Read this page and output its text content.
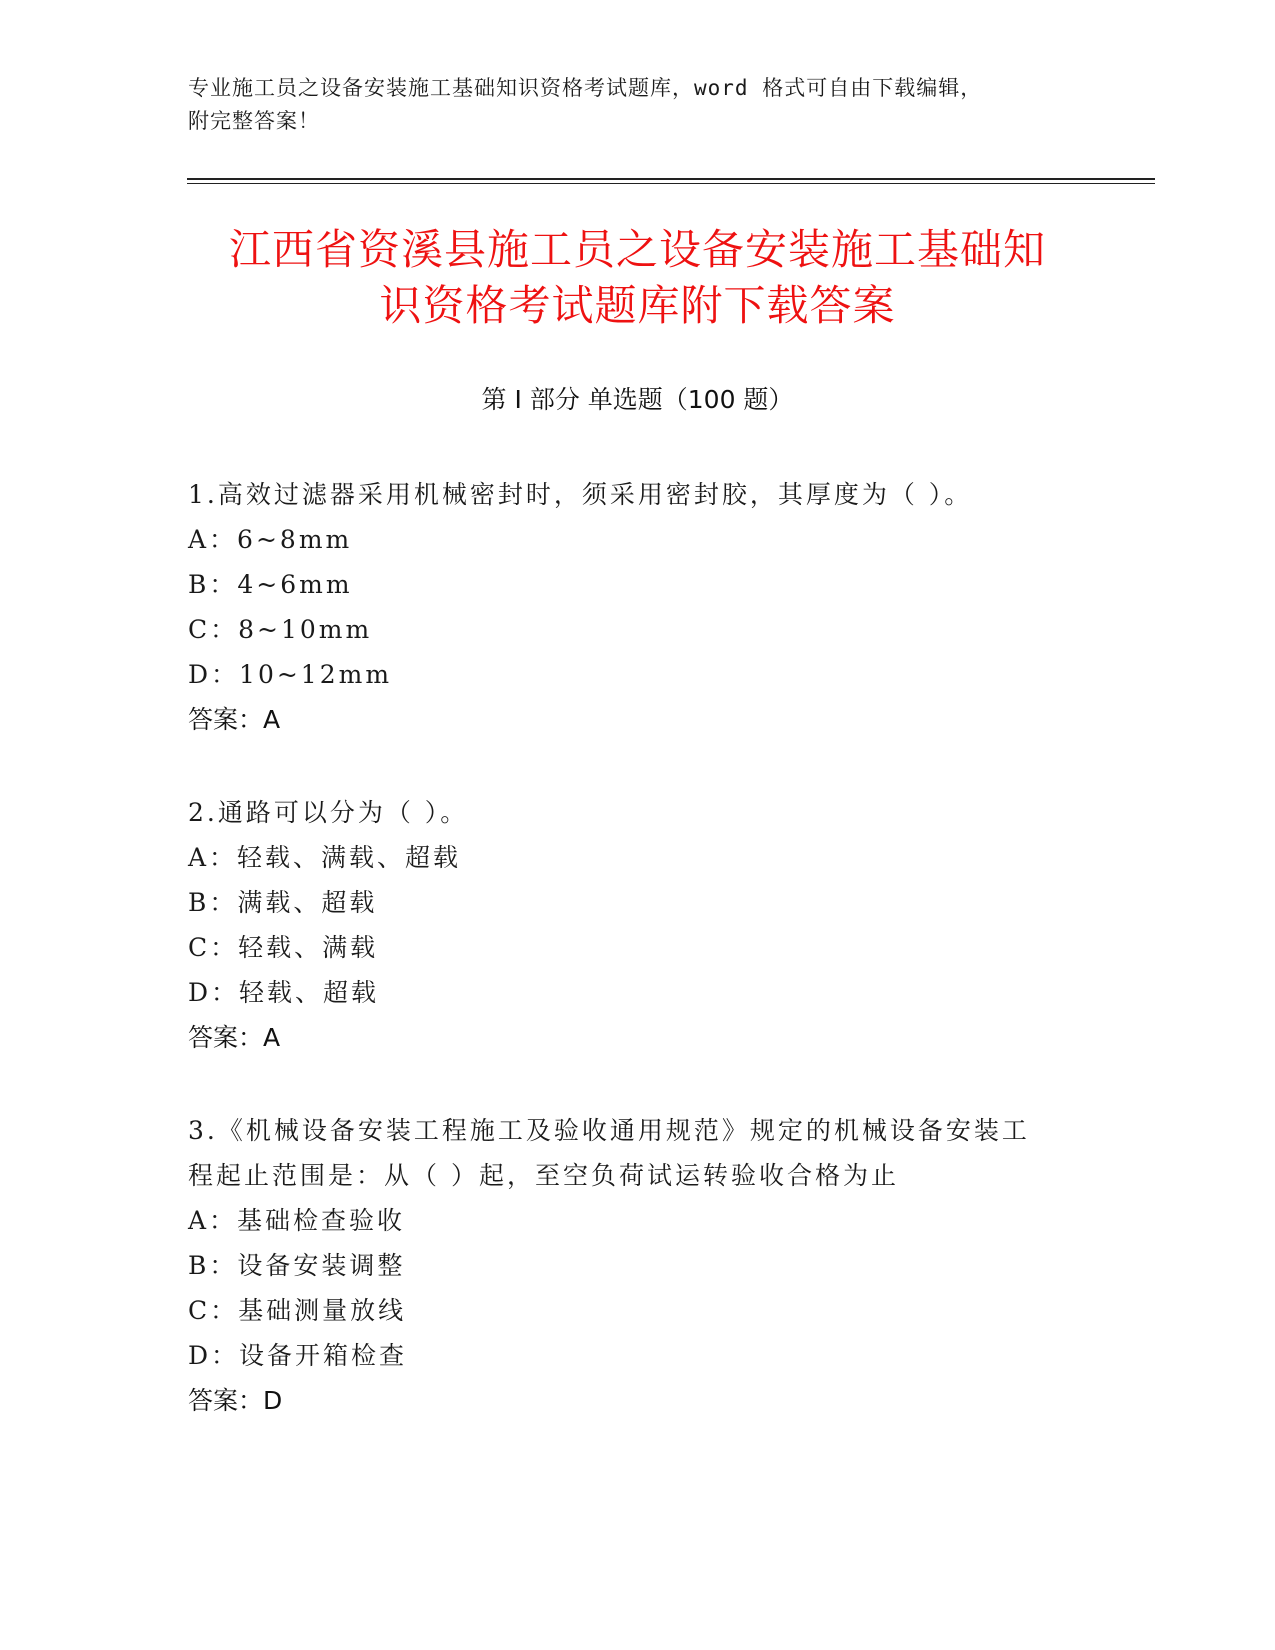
专业施工员之设备安装施工基础知识资格考试题库，word 格式可自由下载编辑，
附完整答案！
江西省资溪县施工员之设备安装施工基础知
识资格考试题库附下载答案
第 I 部分 单选题（100 题）
1.高效过滤器采用机械密封时，须采用密封胶，其厚度为（ ）。
A：6~8mm
B：4~6mm
C：8~10mm
D：10~12mm
答案：A
2.通路可以分为（ ）。
A：轻载、满载、超载
B：满载、超载
C：轻载、满载
D：轻载、超载
答案：A
3.《机械设备安装工程施工及验收通用规范》规定的机械设备安装工
程起止范围是：从（ ）起，至空负荷试运转验收合格为止
A：基础检查验收
B：设备安装调整
C：基础测量放线
D：设备开箱检查
答案：D
